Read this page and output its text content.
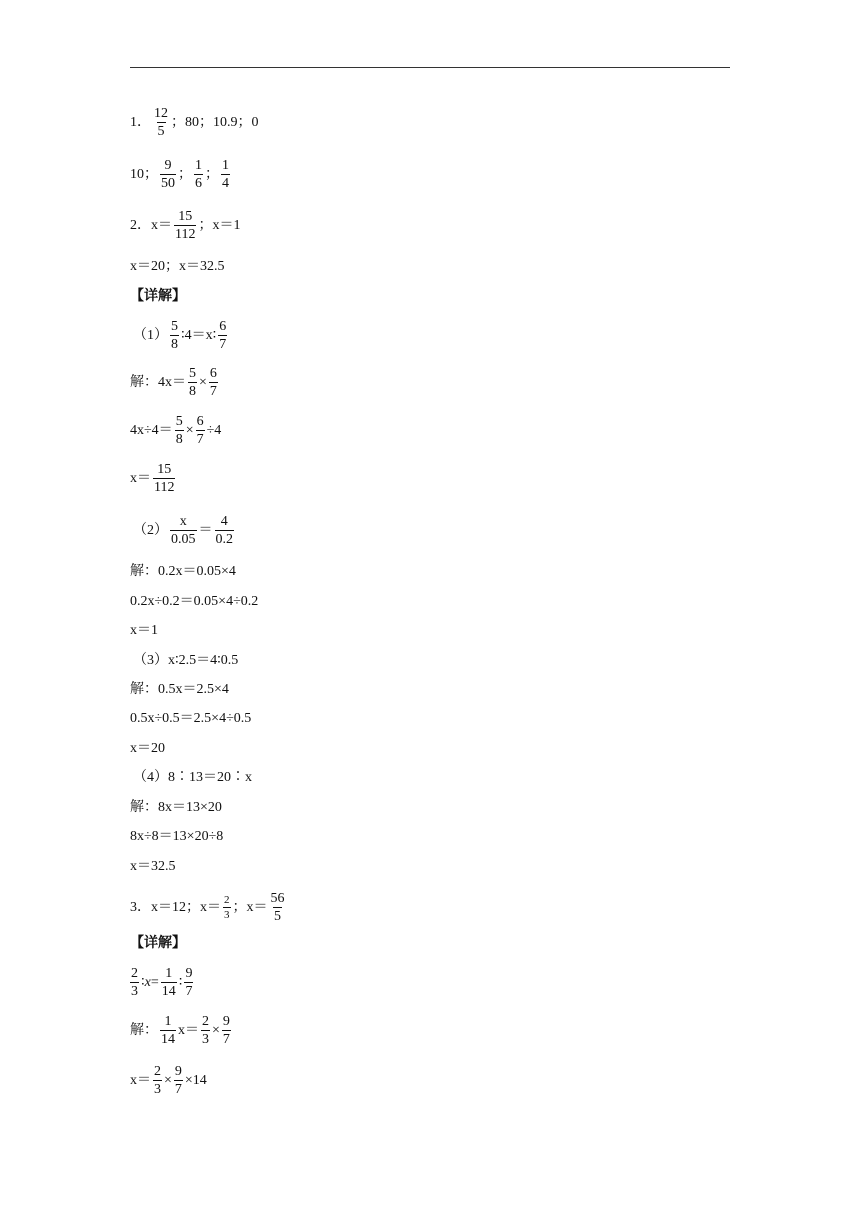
1．
12
5
；80；10.9；0
10；
9
50
；
1
6
；
1
4
2．x＝
15
112
；x＝1
x＝20；x＝32.5
【详解】
（1）
5
8
∶4＝x∶
6
7
解：$4x= \frac{5}{8} \times \frac{6}{7}$
$4x\div 4= \frac{5}{8} \times \frac{6}{7} \div 4$
x＝
15
112
（2）
x
0.05
＝
4
0.2
解：0.2x＝0.05×4
0.2x÷0.2＝0.05×4÷0.2
x＝1
（3）x∶2.5＝4∶0.5
解：0.5x＝2.5×4
0.5x÷0.5＝2.5×4÷0.5
x＝20
（4）8∶13＝20∶x
解：8x＝13×20
8x÷8＝13×20÷8
x＝32.5
3．x＝12；x＝ 2
3
；x＝
56
5
【详解】
2
3
∶ $x = \frac{1}{14}$ ∶
9
7
解：
1
14
$x= \frac{2}{3} \times \frac{9}{7}$
$x= \frac{2}{3} \times \frac{9}{7} \times 14$
